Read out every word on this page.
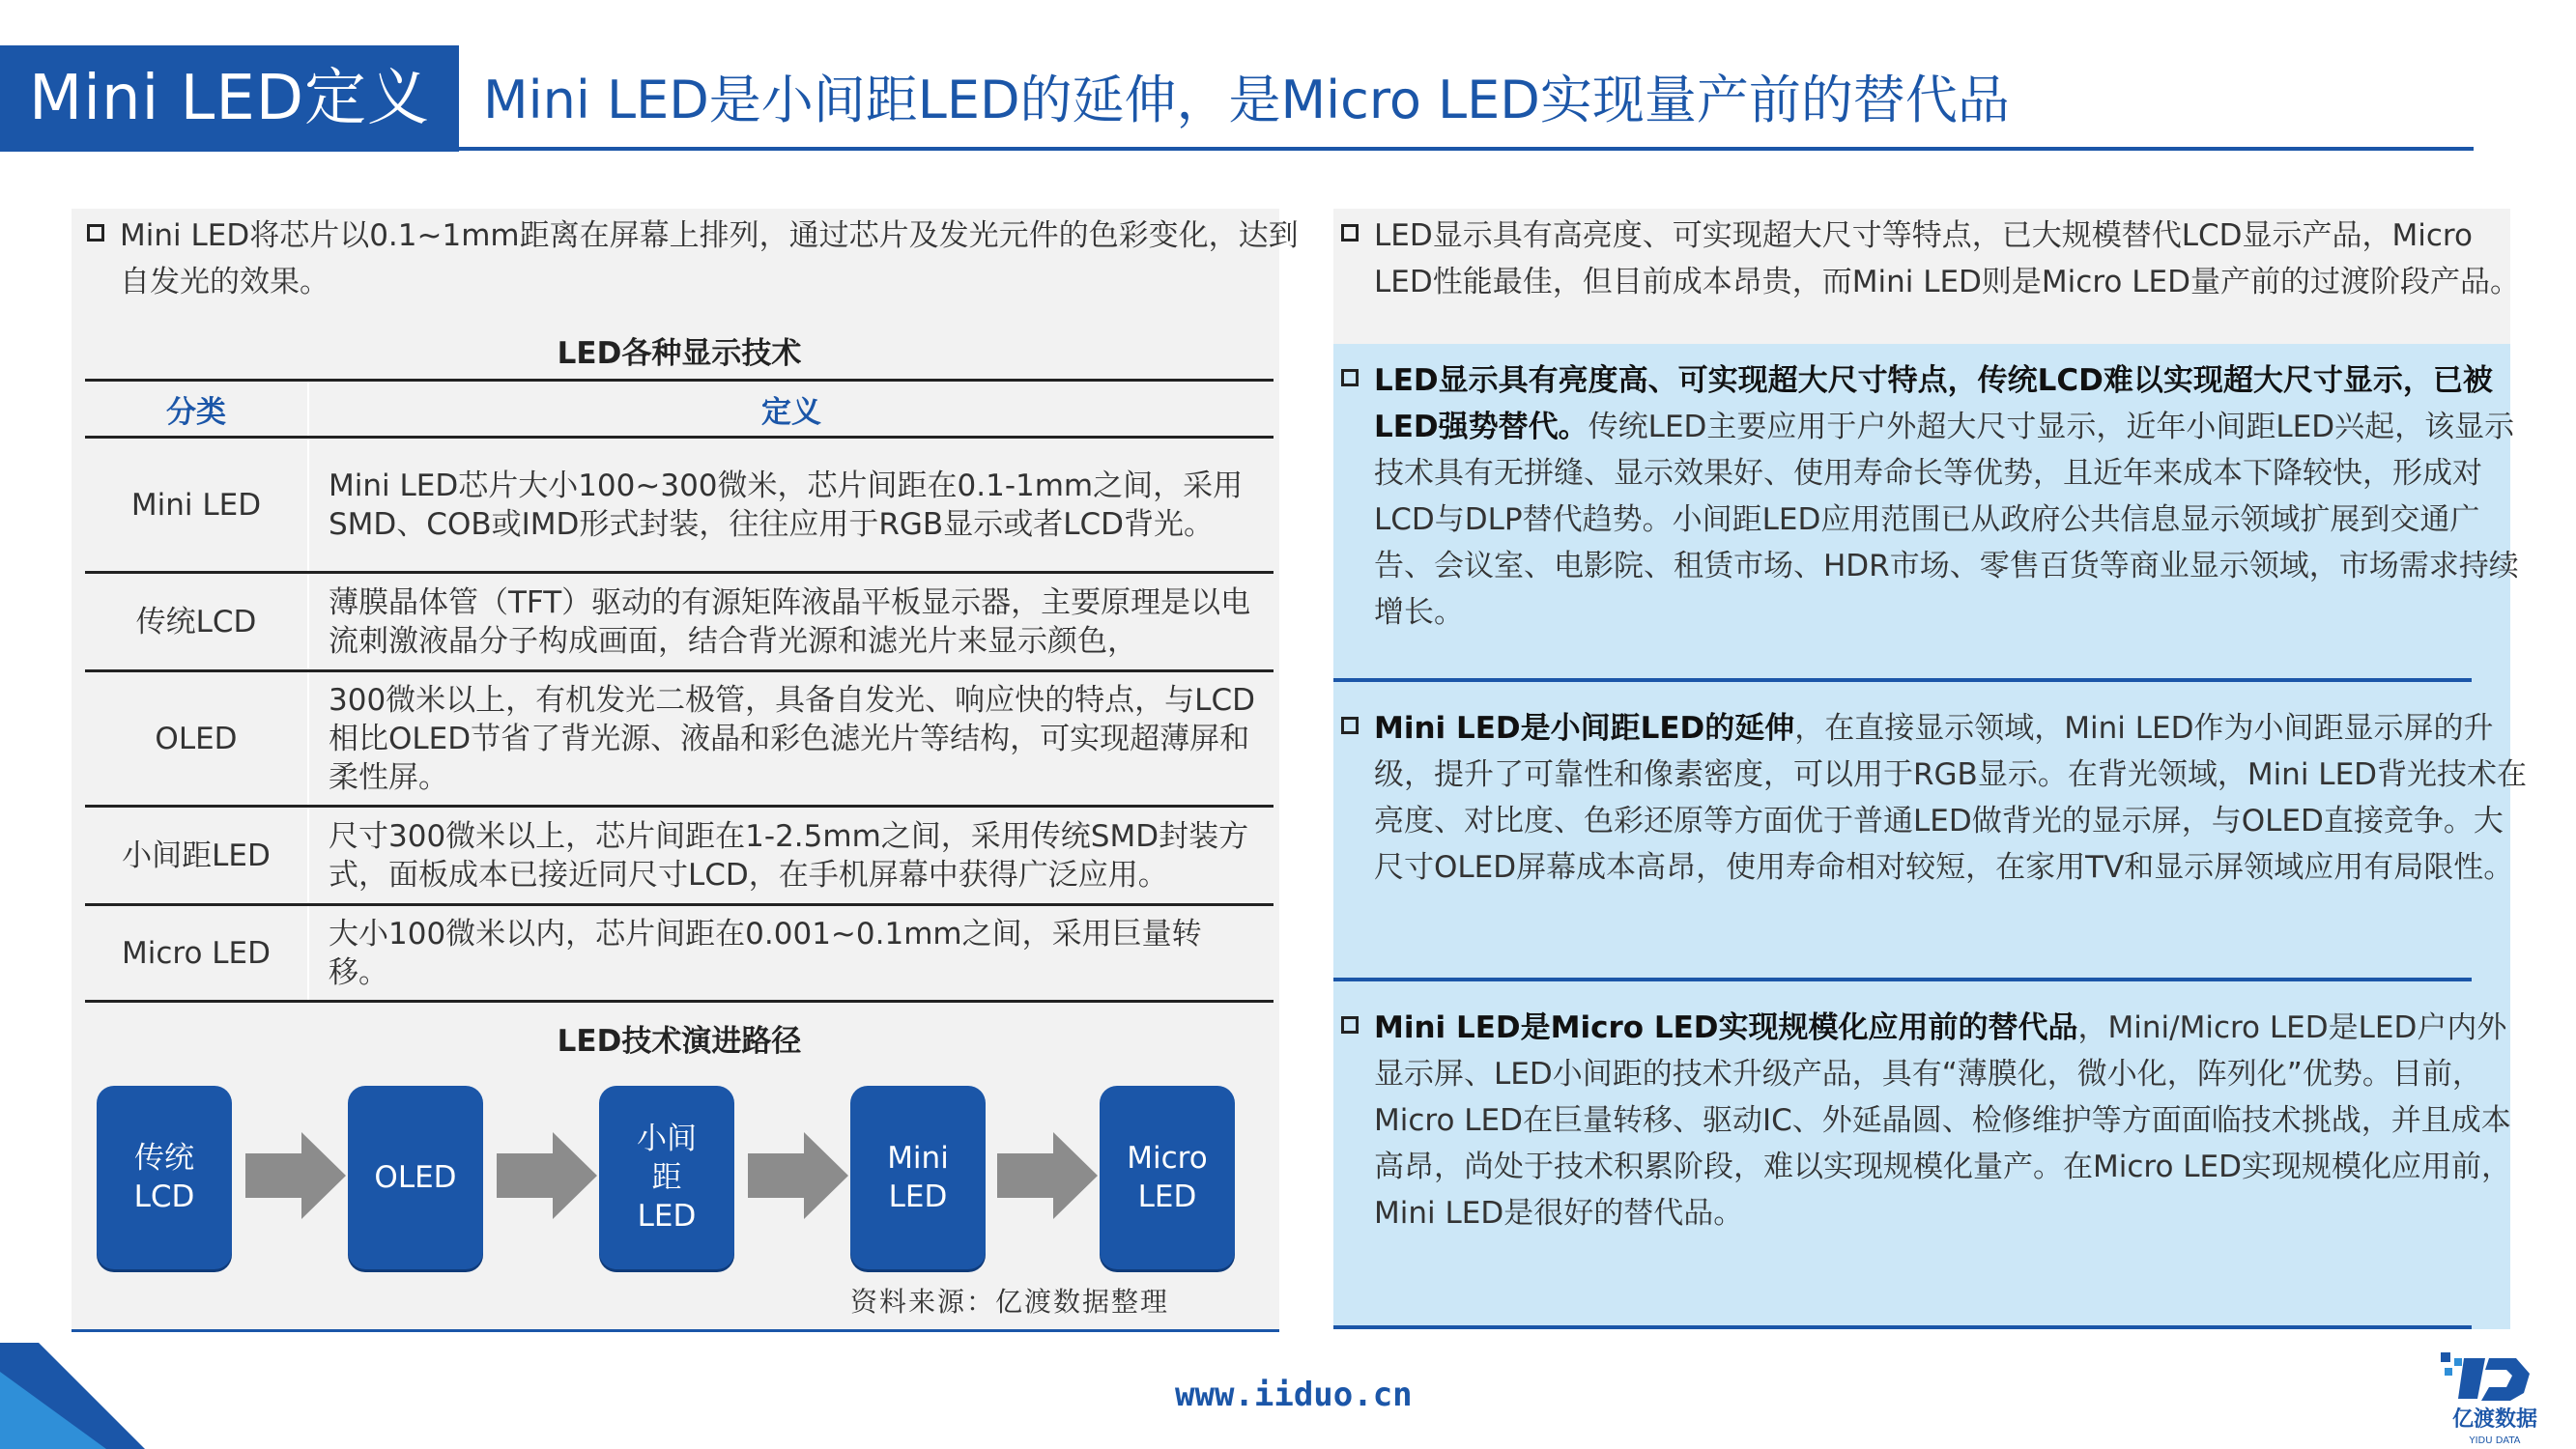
Mini LED定义	Mini LED是小间距LED的延伸，是Micro LED实现量产前的替代品
Mini LED将芯片以0.1~1mm距离在屏幕上排列，通过芯片及发光元件的色彩变化，达到自发光的效果。
LED各种显示技术
分类	定义
Mini LED	Mini LED芯片大小100~300微米，芯片间距在0.1-1mm之间，采用SMD、COB或IMD形式封装，往往应用于RGB显示或者LCD背光。
传统LCD	薄膜晶体管（TFT）驱动的有源矩阵液晶平板显示器，主要原理是以电流刺激液晶分子构成画面，结合背光源和滤光片来显示颜色，
OLED	300微米以上，有机发光二极管，具备自发光、响应快的特点，与LCD相比OLED节省了背光源、液晶和彩色滤光片等结构，可实现超薄屏和柔性屏。
小间距LED	尺寸300微米以上，芯片间距在1-2.5mm之间，采用传统SMD封装方式，面板成本已接近同尺寸LCD，在手机屏幕中获得广泛应用。
Micro LED	大小100微米以内，芯片间距在0.001~0.1mm之间，采用巨量转移。
LED技术演进路径
传统LCD
OLED
小间距LED
Mini LED
Micro LED
资料来源：亿渡数据整理
LED显示具有高亮度、可实现超大尺寸等特点，已大规模替代LCD显示产品，Micro LED性能最佳，但目前成本昂贵，而Mini LED则是Micro LED量产前的过渡阶段产品。
LED显示具有亮度高、可实现超大尺寸特点，传统LCD难以实现超大尺寸显示，已被LED强势替代。传统LED主要应用于户外超大尺寸显示，近年小间距LED兴起，该显示技术具有无拼缝、显示效果好、使用寿命长等优势，且近年来成本下降较快，形成对LCD与DLP替代趋势。小间距LED应用范围已从政府公共信息显示领域扩展到交通广告、会议室、电影院、租赁市场、HDR市场、零售百货等商业显示领域，市场需求持续增长。
Mini LED是小间距LED的延伸，在直接显示领域，Mini LED作为小间距显示屏的升级，提升了可靠性和像素密度，可以用于RGB显示。在背光领域，Mini LED背光技术在亮度、对比度、色彩还原等方面优于普通LED做背光的显示屏，与OLED直接竞争。大尺寸OLED屏幕成本高昂，使用寿命相对较短，在家用TV和显示屏领域应用有局限性。
Mini LED是Micro LED实现规模化应用前的替代品，Mini/Micro LED是LED户内外显示屏、LED小间距的技术升级产品，具有“薄膜化，微小化，阵列化”优势。目前，Micro LED在巨量转移、驱动IC、外延晶圆、检修维护等方面面临技术挑战，并且成本高昂，尚处于技术积累阶段，难以实现规模化量产。在Micro LED实现规模化应用前，Mini LED是很好的替代品。
www.iiduo.cn
亿渡数据
YIDU DATA
